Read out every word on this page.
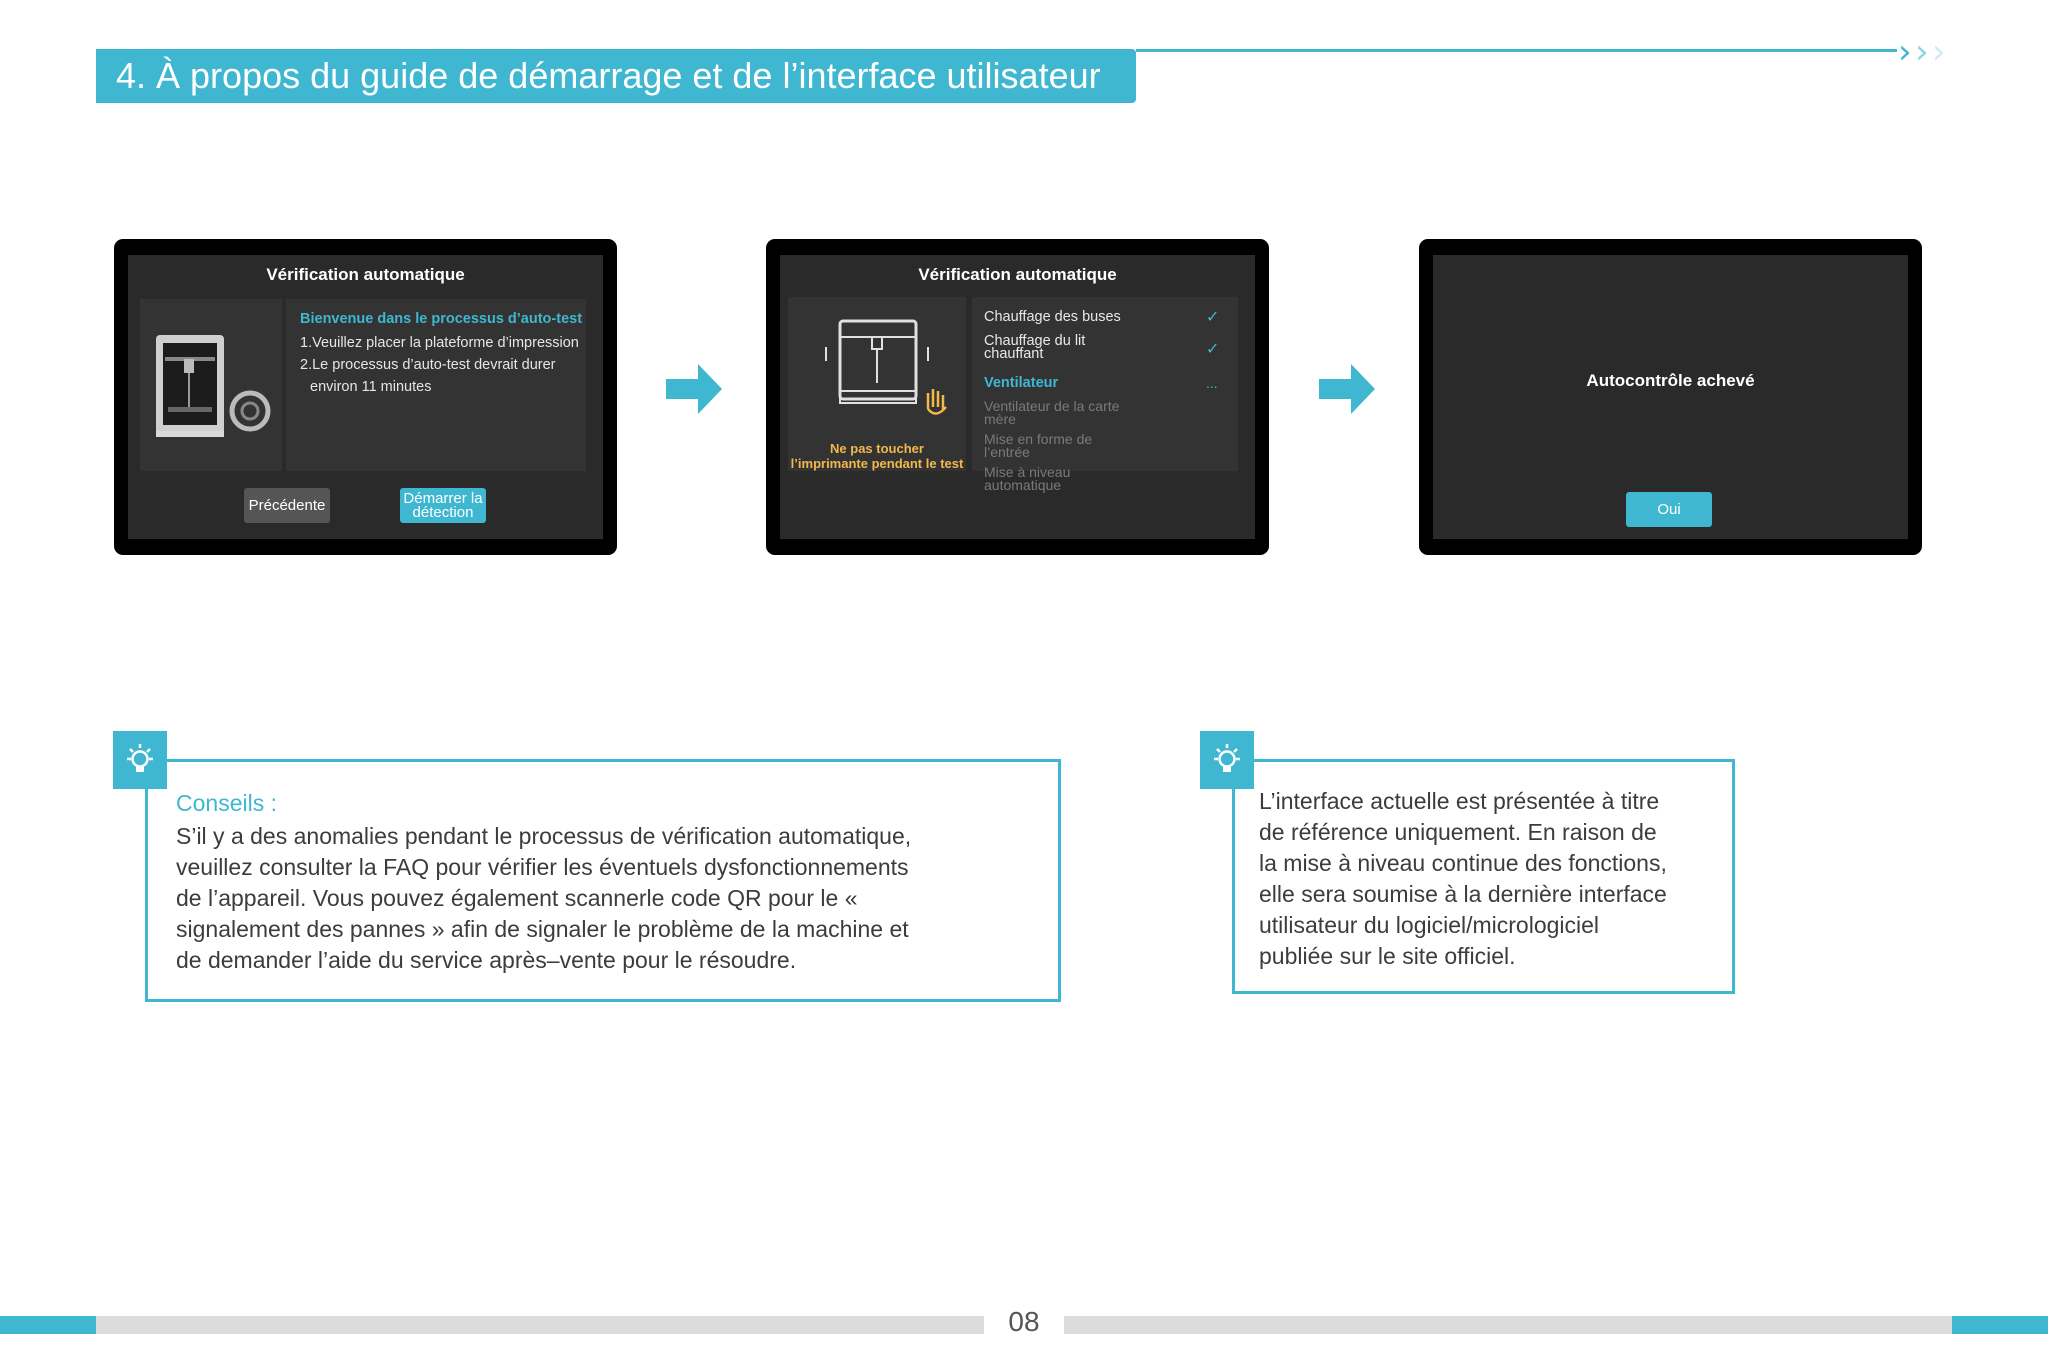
4. À propos du guide de démarrage et de l’interface utilisateur
› › ›
Vérification automatique
Bienvenue dans le processus d’auto-test
1.Veuillez placer la plateforme d’impression
2.Le processus d’auto-test devrait durer
environ 11 minutes
Précédente	Démarrer la
détection
Vérification automatique
Ne pas toucher
l’imprimante pendant le test
Chauffage des buses	✓
Chauffage du lit
chauffant	✓
Ventilateur	...
Ventilateur de la carte
mère
Mise en forme de
l’entrée
Mise à niveau
automatique
Autocontrôle achevé
Oui
Conseils :
S’il y a des anomalies pendant le processus de vérification automatique,
veuillez consulter la FAQ pour vérifier les éventuels dysfonctionnements
de l’appareil. Vous pouvez également scannerle code QR pour le «
signalement des pannes » afin de signaler le problème de la machine et
de demander l’aide du service après–vente pour le résoudre.
L’interface actuelle est présentée à titre
de référence uniquement. En raison de
la mise à niveau continue des fonctions,
elle sera soumise à la dernière interface
utilisateur du logiciel/micrologiciel
publiée sur le site officiel.
08
